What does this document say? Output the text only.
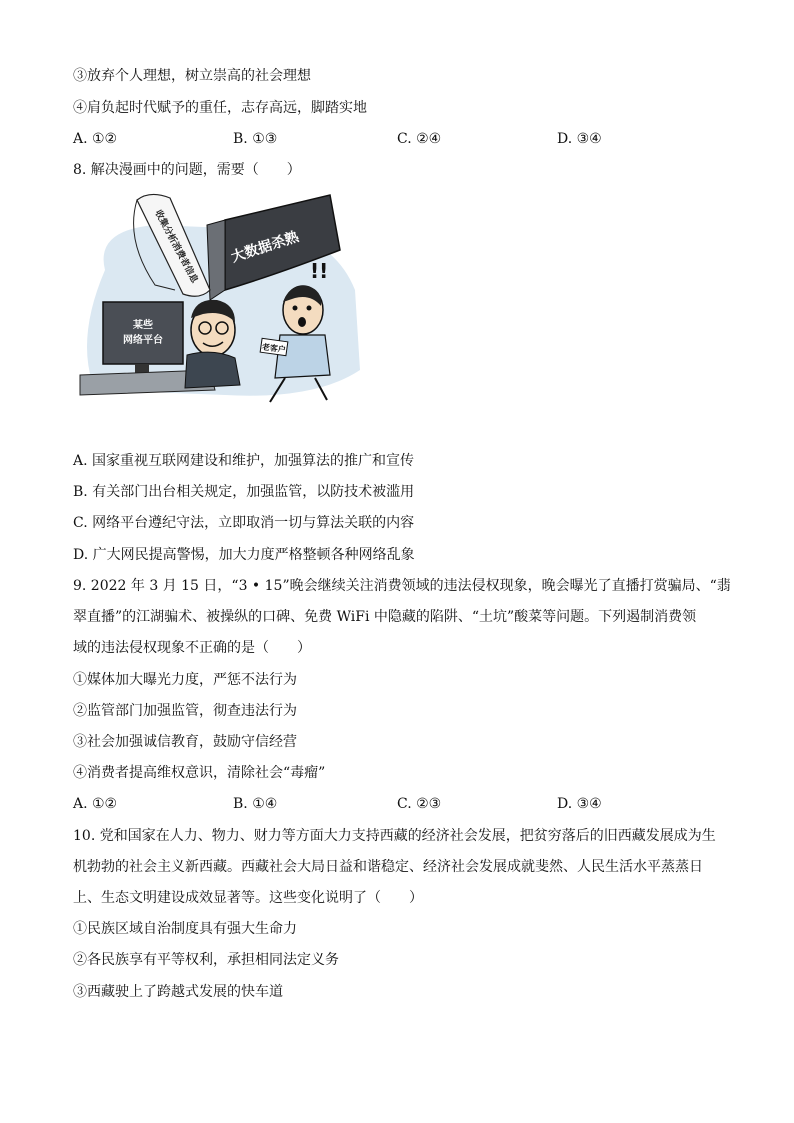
③放弃个人理想，树立崇高的社会理想
④肩负起时代赋予的重任，志存高远，脚踏实地
A. ①②	B. ①③	C. ②④	D. ③④
8. 解决漫画中的问题，需要（　　）
大数据杀熟
收集分析消费者信息
某些
网络平台
!!
老客户
A. 国家重视互联网建设和维护，加强算法的推广和宣传
B. 有关部门出台相关规定，加强监管，以防技术被滥用
C. 网络平台遵纪守法，立即取消一切与算法关联的内容
D. 广大网民提高警惕，加大力度严格整顿各种网络乱象
9. 2022 年 3 月 15 日，“3 • 15”晚会继续关注消费领域的违法侵权现象，晚会曝光了直播打赏骗局、“翡
翠直播”的江湖骗术、被操纵的口碑、免费 WiFi 中隐藏的陷阱、“土坑”酸菜等问题。下列遏制消费领
域的违法侵权现象不正确的是（　　）
①媒体加大曝光力度，严惩不法行为
②监管部门加强监管，彻查违法行为
③社会加强诚信教育，鼓励守信经营
④消费者提高维权意识，清除社会“毒瘤”
A. ①②	B. ①④	C. ②③	D. ③④
10. 党和国家在人力、物力、财力等方面大力支持西藏的经济社会发展，把贫穷落后的旧西藏发展成为生
机勃勃的社会主义新西藏。西藏社会大局日益和谐稳定、经济社会发展成就斐然、人民生活水平蒸蒸日
上、生态文明建设成效显著等。这些变化说明了（　　）
①民族区域自治制度具有强大生命力
②各民族享有平等权利，承担相同法定义务
③西藏驶上了跨越式发展的快车道
